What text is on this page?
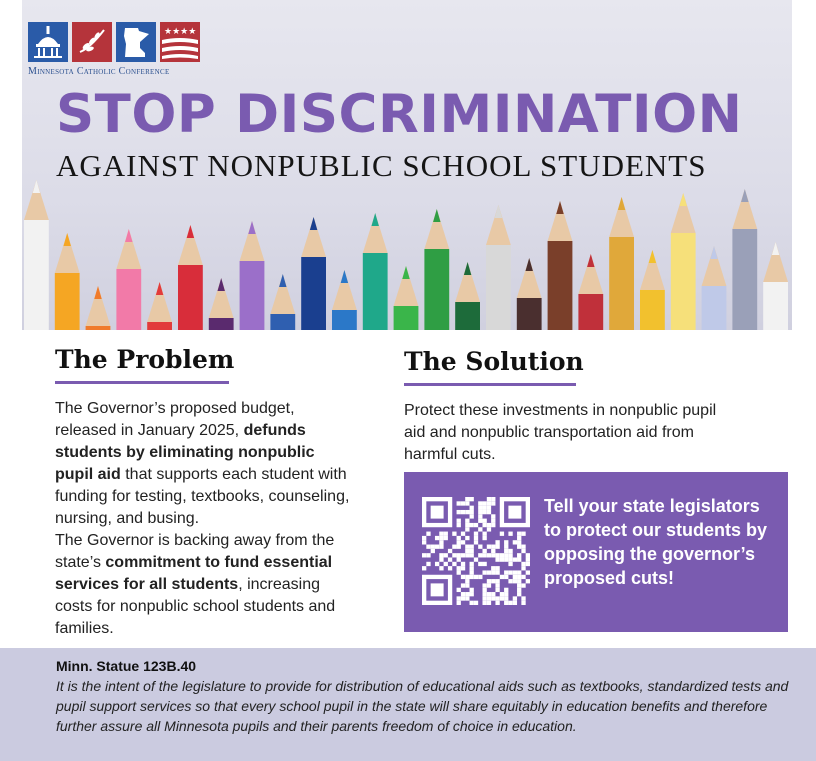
★★★★
Minnesota Catholic Conference
STOP DISCRIMINATION
AGAINST NONPUBLIC SCHOOL STUDENTS
The Problem
The Governor’s proposed budget, released in January 2025, defunds students by eliminating nonpublic pupil aid that supports each student with funding for testing, textbooks, counseling, nursing, and busing.
The Governor is backing away from the state’s commitment to fund essential services for all students, increasing costs for nonpublic school students and families.
The Solution
Protect these investments in nonpublic pupil aid and nonpublic transportation aid from harmful cuts.
Tell your state legislators to protect our students by opposing the governor’s proposed cuts!
Minn. Statue 123B.40
It is the intent of the legislature to provide for distribution of educational aids such as textbooks, standardized tests and pupil support services so that every school pupil in the state will share equitably in education benefits and therefore further assure all Minnesota pupils and their parents freedom of choice in education.
